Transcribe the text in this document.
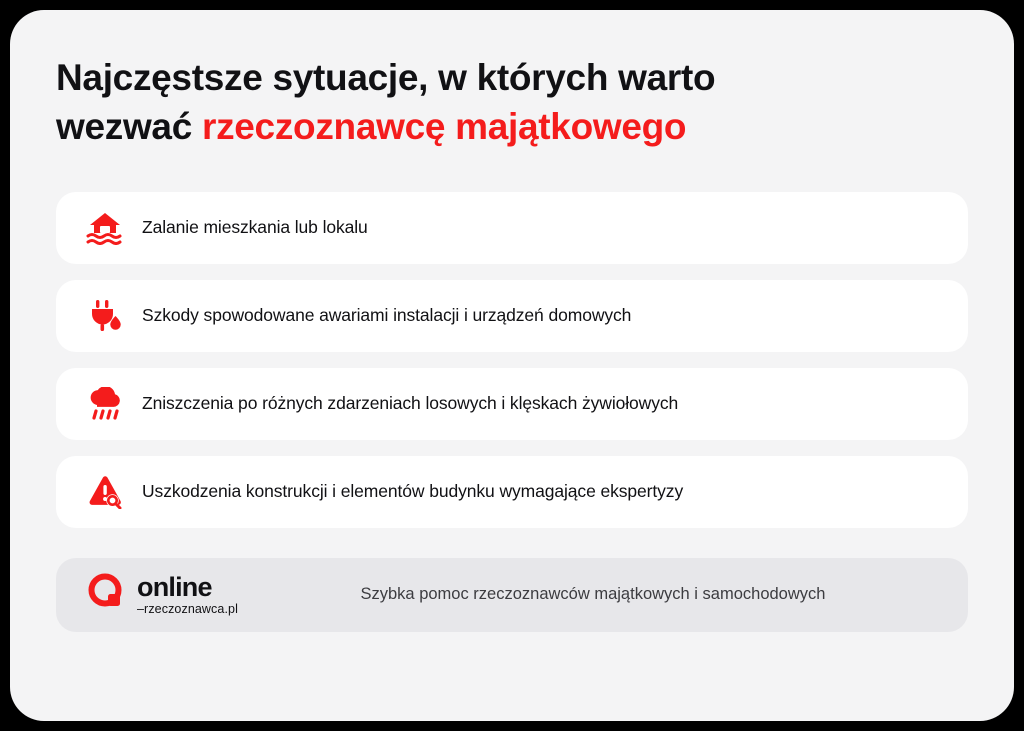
Najczęstsze sytuacje, w których warto
wezwać rzeczoznawcę majątkowego
Zalanie mieszkania lub lokalu
Szkody spowodowane awariami instalacji i urządzeń domowych
Zniszczenia po różnych zdarzeniach losowych i klęskach żywiołowych
Uszkodzenia konstrukcji i elementów budynku wymagające ekspertyzy
online
–rzeczoznawca.pl
Szybka pomoc rzeczoznawców majątkowych i samochodowych
